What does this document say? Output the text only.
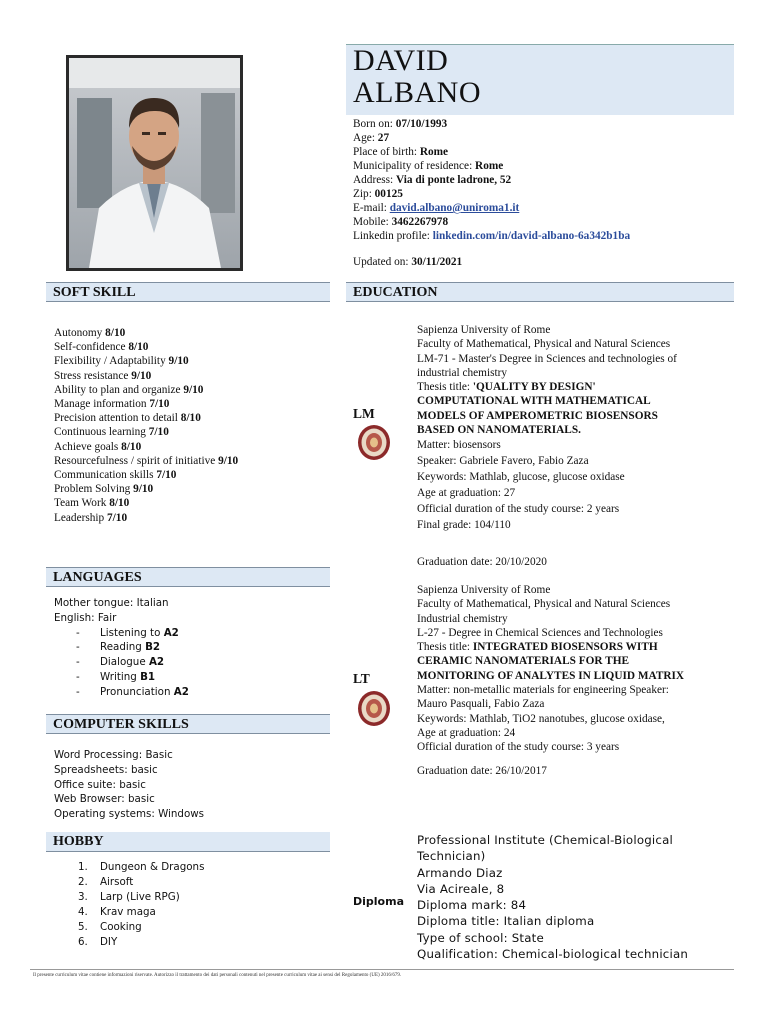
DAVID
ALBANO
Born on: 07/10/1993
Age: 27
Place of birth: Rome
Municipality of residence: Rome
Address: Via di ponte ladrone, 52
Zip: 00125
E-mail: david.albano@uniroma1.it
Mobile: 3462267978
Linkedin profile: linkedin.com/in/david-albano-6a342b1ba
Updated on: 30/11/2021
SOFT SKILL
Autonomy 8/10
Self-confidence 8/10
Flexibility / Adaptability 9/10
Stress resistance 9/10
Ability to plan and organize 9/10
Manage information 7/10
Precision attention to detail 8/10
Continuous learning 7/10
Achieve goals 8/10
Resourcefulness / spirit of initiative 9/10
Communication skills 7/10
Problem Solving 9/10
Team Work 8/10
Leadership 7/10
LANGUAGES
Mother tongue: Italian
English: Fair
- Listening to A2
- Reading B2
- Dialogue A2
- Writing B1
- Pronunciation A2
COMPUTER SKILLS
Word Processing: Basic
Spreadsheets: basic
Office suite: basic
Web Browser: basic
Operating systems: Windows
HOBBY
1. Dungeon & Dragons
2. Airsoft
3. Larp (Live RPG)
4. Krav maga
5. Cooking
6. DIY
EDUCATION
LM
Sapienza University of Rome
Faculty of Mathematical, Physical and Natural Sciences
LM-71 - Master's Degree in Sciences and technologies of
industrial chemistry
Thesis title: 'QUALITY BY DESIGN'
COMPUTATIONAL WITH MATHEMATICAL
MODELS OF AMPEROMETRIC BIOSENSORS
BASED ON NANOMATERIALS.
Matter: biosensors
Speaker: Gabriele Favero, Fabio Zaza
Keywords: Mathlab, glucose, glucose oxidase
Age at graduation: 27
Official duration of the study course: 2 years
Final grade: 104/110
Graduation date: 20/10/2020
LT
Sapienza University of Rome
Faculty of Mathematical, Physical and Natural Sciences
Industrial chemistry
L-27 - Degree in Chemical Sciences and Technologies
Thesis title: INTEGRATED BIOSENSORS WITH
CERAMIC NANOMATERIALS FOR THE
MONITORING OF ANALYTES IN LIQUID MATRIX
Matter: non-metallic materials for engineering Speaker:
Mauro Pasquali, Fabio Zaza
Keywords: Mathlab, TiO2 nanotubes, glucose oxidase,
Age at graduation: 24
Official duration of the study course: 3 years
Graduation date: 26/10/2017
Diploma
Professional Institute (Chemical-Biological
Technician)
Armando Diaz
Via Acireale, 8
Diploma mark: 84
Diploma title: Italian diploma
Type of school: State
Qualification: Chemical-biological technician
Il presente curriculum vitae contiene informazioni riservate. Autorizzo il trattamento dei dati personali contenuti nel presente curriculum vitae ai sensi del Regolamento (UE) 2016/679.
